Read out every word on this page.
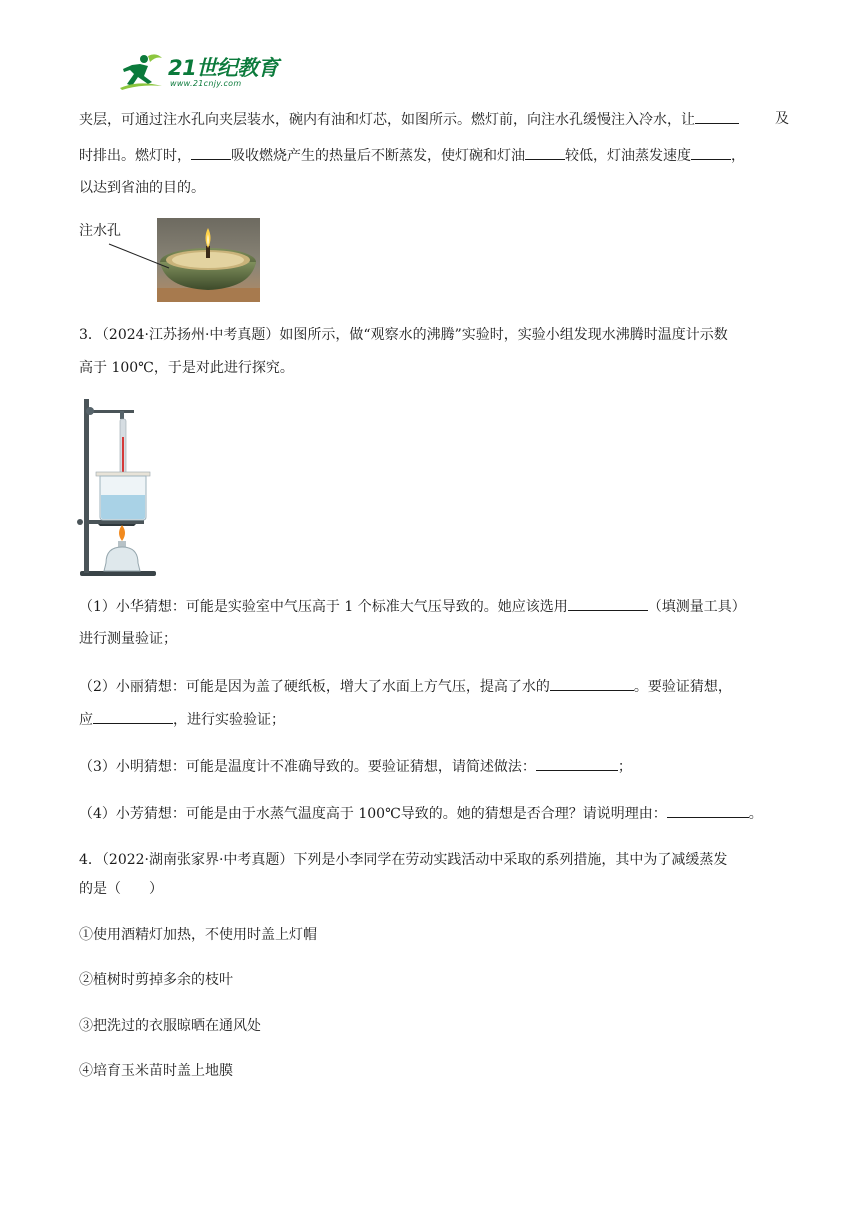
21世纪教育
www.21cnjy.com
夹层，可通过注水孔向夹层装水，碗内有油和灯芯，如图所示。燃灯前，向注水孔缓慢注入冷水，让	及
时排出。燃灯时，	吸收燃烧产生的热量后不断蒸发，使灯碗和灯油	较低，灯油蒸发速度	，
以达到省油的目的。
注水孔
3．（2024·江苏扬州·中考真题）如图所示，做“观察水的沸腾”实验时，实验小组发现水沸腾时温度计示数
高于 100℃，于是对此进行探究。
（1）小华猜想：可能是实验室中气压高于 1 个标准大气压导致的。她应该选用	（填测量工具）
进行测量验证；
（2）小丽猜想：可能是因为盖了硬纸板，增大了水面上方气压，提高了水的	。要验证猜想，
应	，进行实验验证；
（3）小明猜想：可能是温度计不准确导致的。要验证猜想，请简述做法：	；
（4）小芳猜想：可能是由于水蒸气温度高于 100℃导致的。她的猜想是否合理？请说明理由：	。
4．（2022·湖南张家界·中考真题）下列是小李同学在劳动实践活动中采取的系列措施，其中为了减缓蒸发
的是（　　）
①使用酒精灯加热，不使用时盖上灯帽
②植树时剪掉多余的枝叶
③把洗过的衣服晾晒在通风处
④培育玉米苗时盖上地膜
